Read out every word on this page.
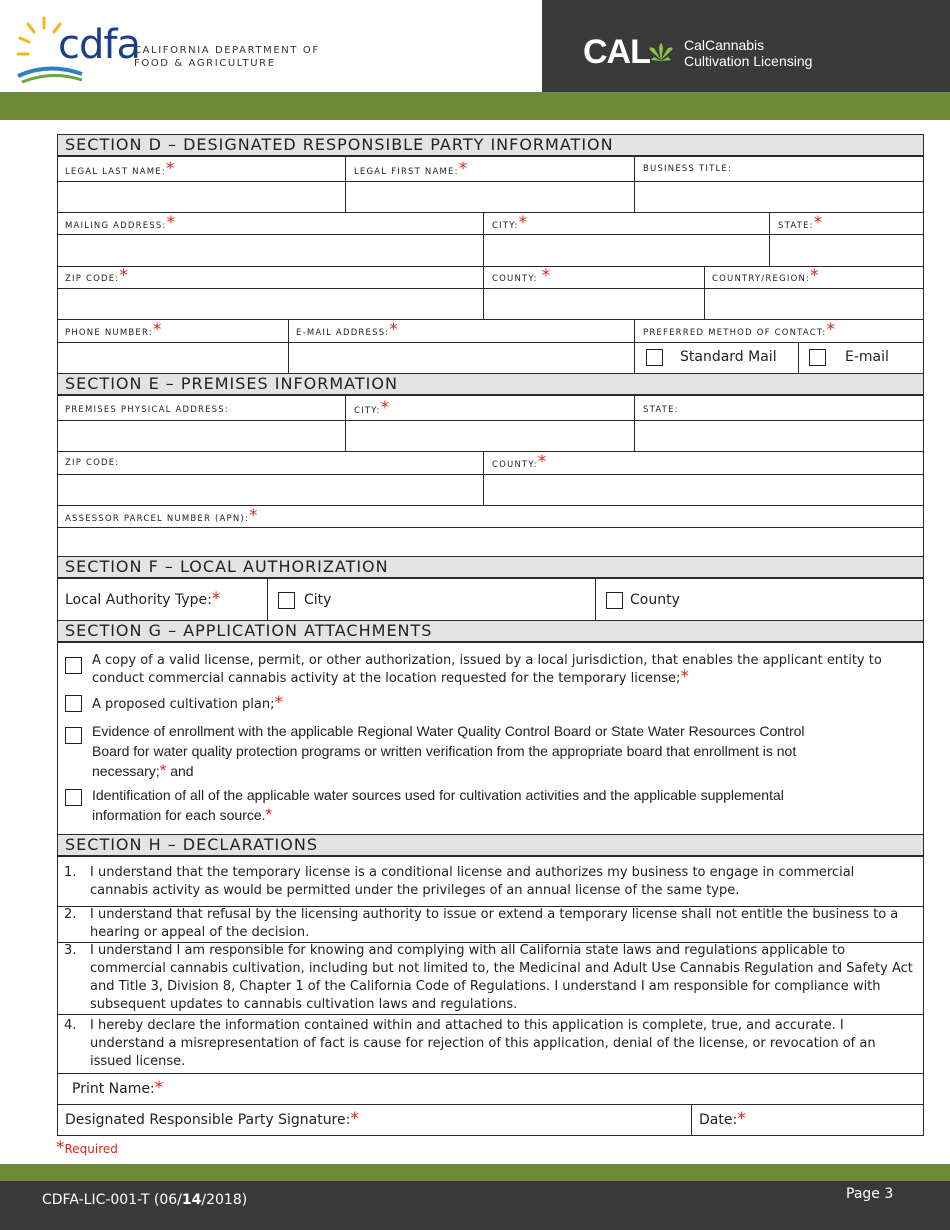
cdfa
CALIFORNIA DEPARTMENT OF
FOOD & AGRICULTURE	CAL CalCannabis
Cultivation Licensing
SECTION D – DESIGNATED RESPONSIBLE PARTY INFORMATION
LEGAL LAST NAME:*	LEGAL FIRST NAME:*	BUSINESS TITLE:
MAILING ADDRESS:*	CITY:*	STATE:*
ZIP CODE:*	COUNTY: *	COUNTRY/REGION:*
PHONE NUMBER:*	E-MAIL ADDRESS:*	PREFERRED METHOD OF CONTACT:*
Standard Mail	E-mail
SECTION E – PREMISES INFORMATION
PREMISES PHYSICAL ADDRESS:	CITY:*	STATE:
ZIP CODE:	COUNTY:*
ASSESSOR PARCEL NUMBER (APN):*
SECTION F – LOCAL AUTHORIZATION
Local Authority Type:*	City	County
SECTION G – APPLICATION ATTACHMENTS
A copy of a valid license, permit, or other authorization, issued by a local jurisdiction, that enables the applicant entity to
conduct commercial cannabis activity at the location requested for the temporary license;*
A proposed cultivation plan;*
Evidence of enrollment with the applicable Regional Water Quality Control Board or State Water Resources Control
Board for water quality protection programs or written verification from the appropriate board that enrollment is not
necessary;* and
Identification of all of the applicable water sources used for cultivation activities and the applicable supplemental
information for each source.*
SECTION H – DECLARATIONS
1. I understand that the temporary license is a conditional license and authorizes my business to engage in commercial cannabis activity as would be permitted under the privileges of an annual license of the same type.
2. I understand that refusal by the licensing authority to issue or extend a temporary license shall not entitle the business to a hearing or appeal of the decision.
3. I understand I am responsible for knowing and complying with all California state laws and regulations applicable to commercial cannabis cultivation, including but not limited to, the Medicinal and Adult Use Cannabis Regulation and Safety Act and Title 3, Division 8, Chapter 1 of the California Code of Regulations. I understand I am responsible for compliance with subsequent updates to cannabis cultivation laws and regulations.
4. I hereby declare the information contained within and attached to this application is complete, true, and accurate. I understand a misrepresentation of fact is cause for rejection of this application, denial of the license, or revocation of an issued license.
Print Name:*
Designated Responsible Party Signature:*	Date:*
*Required
CDFA-LIC-001-T (06/14/2018)	Page 3
